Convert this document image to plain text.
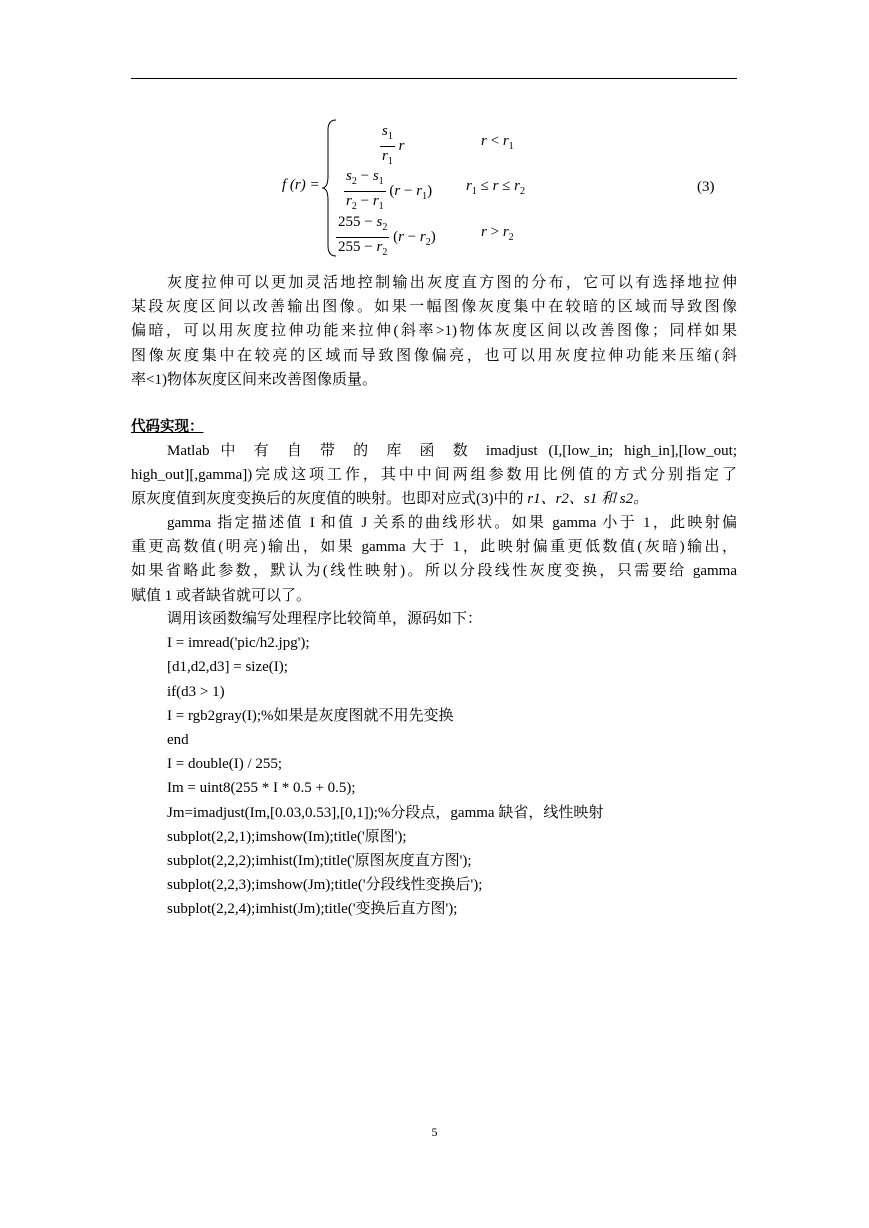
f (r) =
$\frac{s_1}{r_1}$ r	$r < r_1$
$\frac{s_2 - s_1}{r_2 - r_1} (r - r_1) r_1 \le r \le r_2$
$\frac{255 - s_2}{255 - r_2} (r - r_2)$	$r > r_2$
(3)
灰度拉伸可以更加灵活地控制输出灰度直方图的分布，它可以有选择地拉伸
某段灰度区间以改善输出图像。如果一幅图像灰度集中在较暗的区域而导致图像
偏暗，可以用灰度拉伸功能来拉伸(斜率>1)物体灰度区间以改善图像；同样如果
图像灰度集中在较亮的区域而导致图像偏亮，也可以用灰度拉伸功能来压缩(斜
率<1)物体灰度区间来改善图像质量。
代码实现：
Matlab 中 有 自 带 的 库 函 数 imadjust (I,[low_in; high_in],[low_out;
high_out][,gamma])完成这项工作，其中中间两组参数用比例值的方式分别指定了
原灰度值到灰度变换后的灰度值的映射。也即对应式(3)中的 r1、r2、s1 和 s2。
gamma 指定描述值 I 和值 J 关系的曲线形状。如果 gamma 小于 1，此映射偏
重更高数值(明亮)输出，如果 gamma 大于 1，此映射偏重更低数值(灰暗)输出，
如果省略此参数，默认为(线性映射)。所以分段线性灰度变换，只需要给 gamma
赋值 1 或者缺省就可以了。
调用该函数编写处理程序比较简单，源码如下：
I = imread('pic/h2.jpg');
[d1,d2,d3] = size(I);
if(d3 > 1)
I = rgb2gray(I);%如果是灰度图就不用先变换
end
I = double(I) / 255;
Im = uint8(255 * I * 0.5 + 0.5);
Jm=imadjust(Im,[0.03,0.53],[0,1]);%分段点，gamma 缺省，线性映射
subplot(2,2,1);imshow(Im);title('原图');
subplot(2,2,2);imhist(Im);title('原图灰度直方图');
subplot(2,2,3);imshow(Jm);title('分段线性变换后');
subplot(2,2,4);imhist(Jm);title('变换后直方图');
5
